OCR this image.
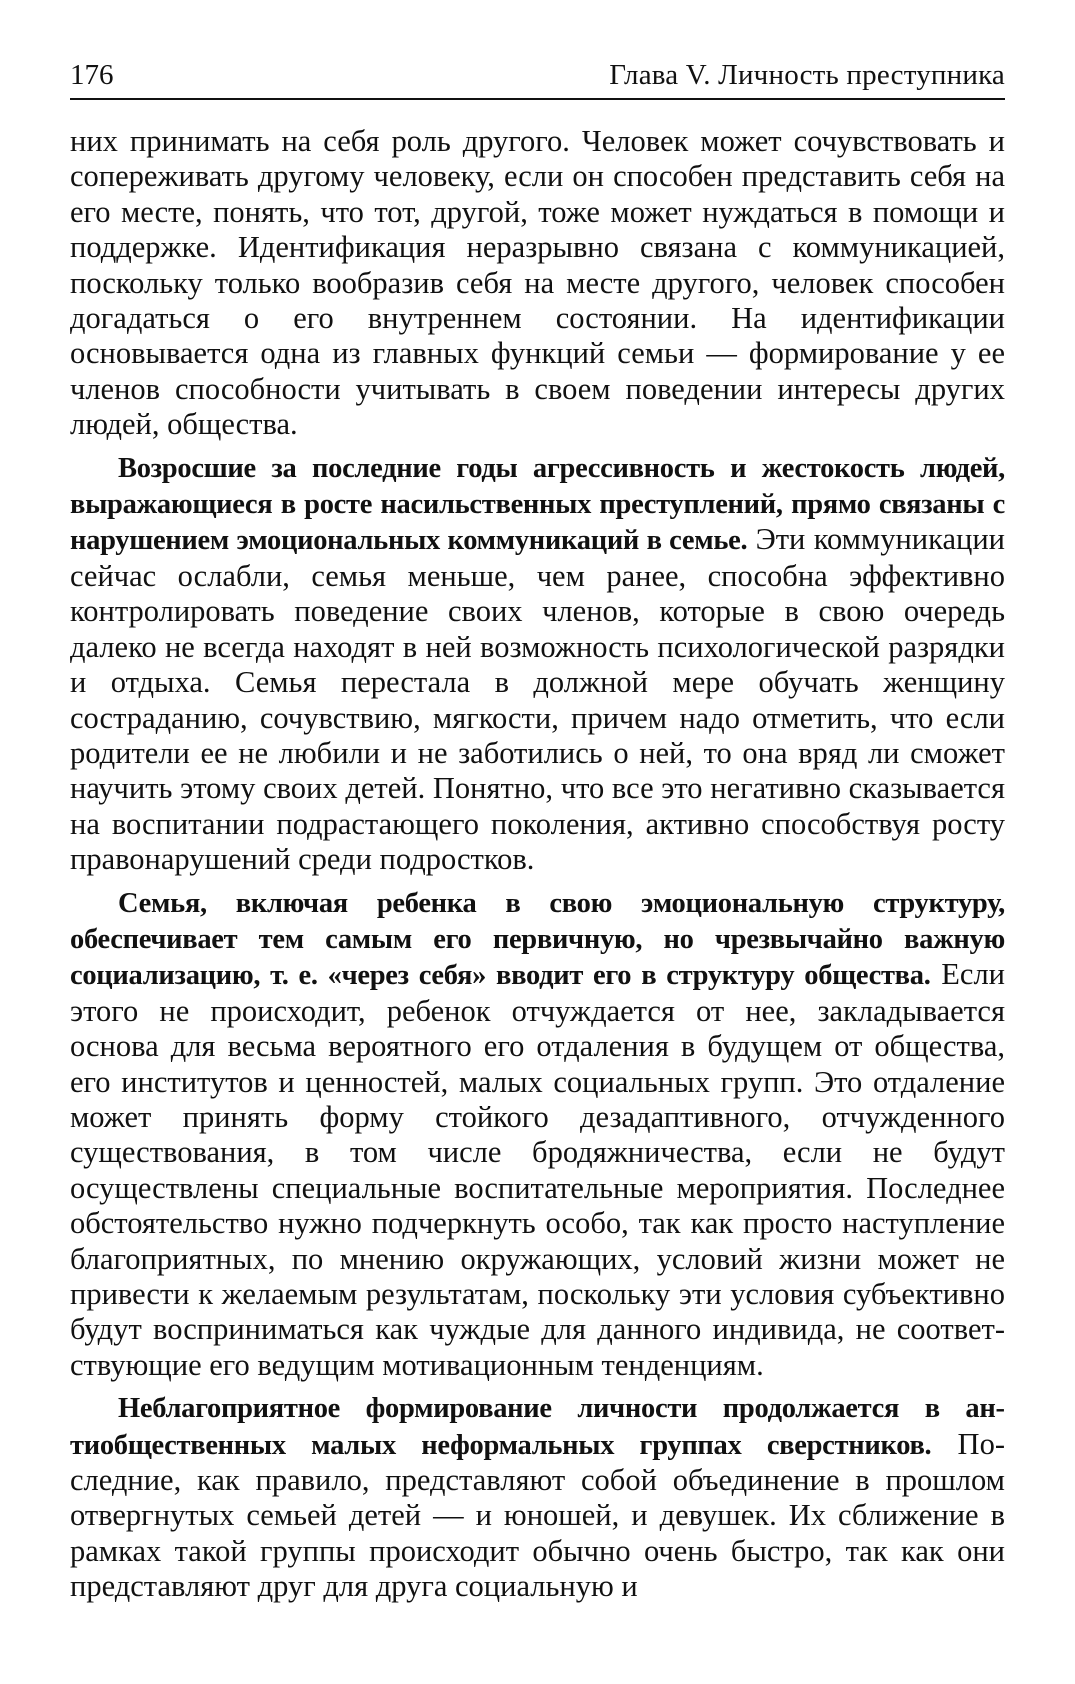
176	Глава V. Личность преступника

них принимать на себя роль другого. Человек может сочувствовать и сопереживать другому человеку, если он способен представить себя на его месте, понять, что тот, другой, тоже может нуждаться в помощи и поддержке. Идентификация неразрывно связана с коммуникацией, поскольку только вообразив себя на месте другого, человек способен догадаться о его внутреннем состоянии. На идентификации основывается одна из главных функций семьи — формирование у ее членов способности учитывать в своем поведении интересы других людей, общества.

Возросшие за последние годы агрессивность и жестокость людей, выражающиеся в росте насильственных преступлений, прямо связаны с нарушением эмоциональных коммуникаций в семье. Эти коммуникации сейчас ослабли, семья меньше, чем ранее, способна эффективно контролировать поведение своих членов, которые в свою очередь далеко не всегда находят в ней возможность психологической разрядки и отдыха. Семья перестала в должной мере обучать женщину состраданию, сочувствию, мягкости, причем надо отметить, что если родители ее не любили и не заботились о ней, то она вряд ли сможет научить этому своих детей. Понятно, что все это негативно сказывается на воспитании подрастающего поколения, активно способствуя росту правонарушений среди подростков.

Семья, включая ребенка в свою эмоциональную структуру, обеспечивает тем самым его первичную, но чрезвычайно важную социализацию, т. е. «через себя» вводит его в структуру общества. Если этого не происходит, ребенок отчуждается от нее, закладывается основа для весьма вероятного его отдаления в будущем от общества, его институтов и ценностей, малых социальных групп. Это отдаление может принять форму стойкого дезадаптивного, отчужденного существования, в том числе бродяжничества, если не будут осуществлены специальные воспитательные мероприятия. Последнее обстоятельство нужно подчеркнуть особо, так как просто наступление благоприятных, по мнению окружающих, условий жизни может не привести к желаемым результатам, поскольку эти условия субъективно будут восприниматься как чуждые для данного индивида, не соответствующие его ведущим мотивационным тенденциям.

Неблагоприятное формирование личности продолжается в антиобщественных малых неформальных группах сверстников. Последние, как правило, представляют собой объединение в прошлом отвергнутых семьей детей — и юношей, и девушек. Их сближение в рамках такой группы происходит обычно очень быстро, так как они представляют друг для друга социальную и
